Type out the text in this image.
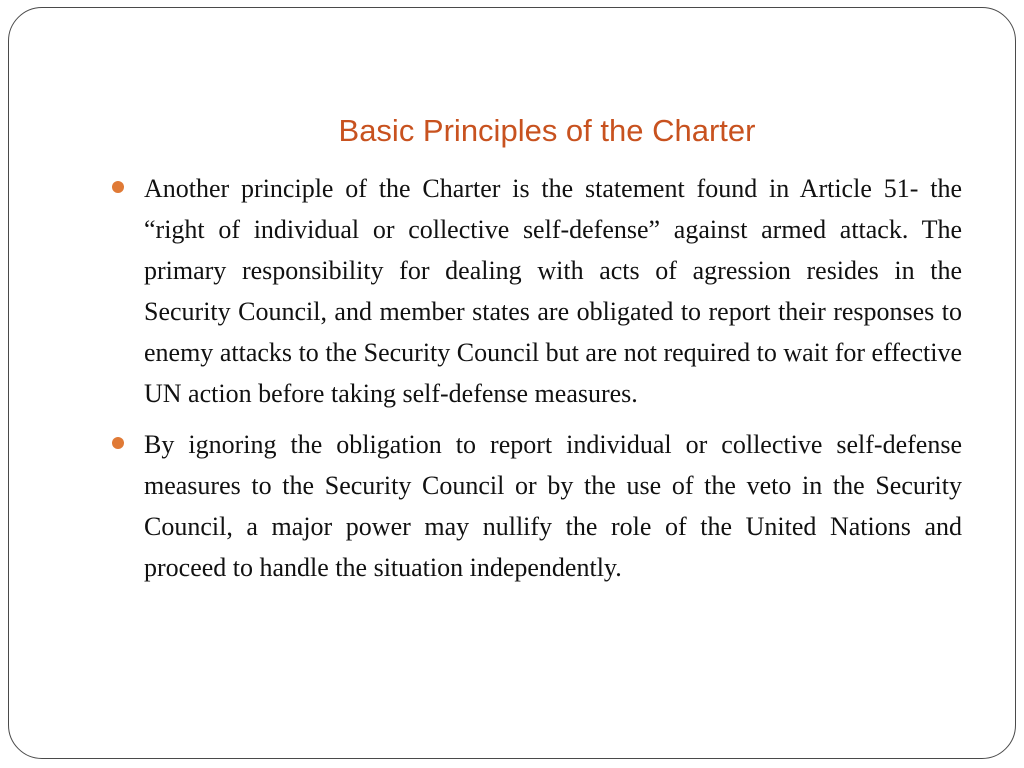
Basic Principles of the Charter
Another principle of the Charter is the statement found in Article 51- the “right of individual or collective self-defense” against armed attack. The primary responsibility for dealing with acts of agression resides in the Security Council, and member states are obligated to report their responses to enemy attacks to the Security Council but are not required to wait for effective UN action before taking self-defense measures.
By ignoring the obligation to report individual or collective self-defense measures to the Security Council or by the use of the veto in the Security Council, a major power may nullify the role of the United Nations and proceed to handle the situation independently.
